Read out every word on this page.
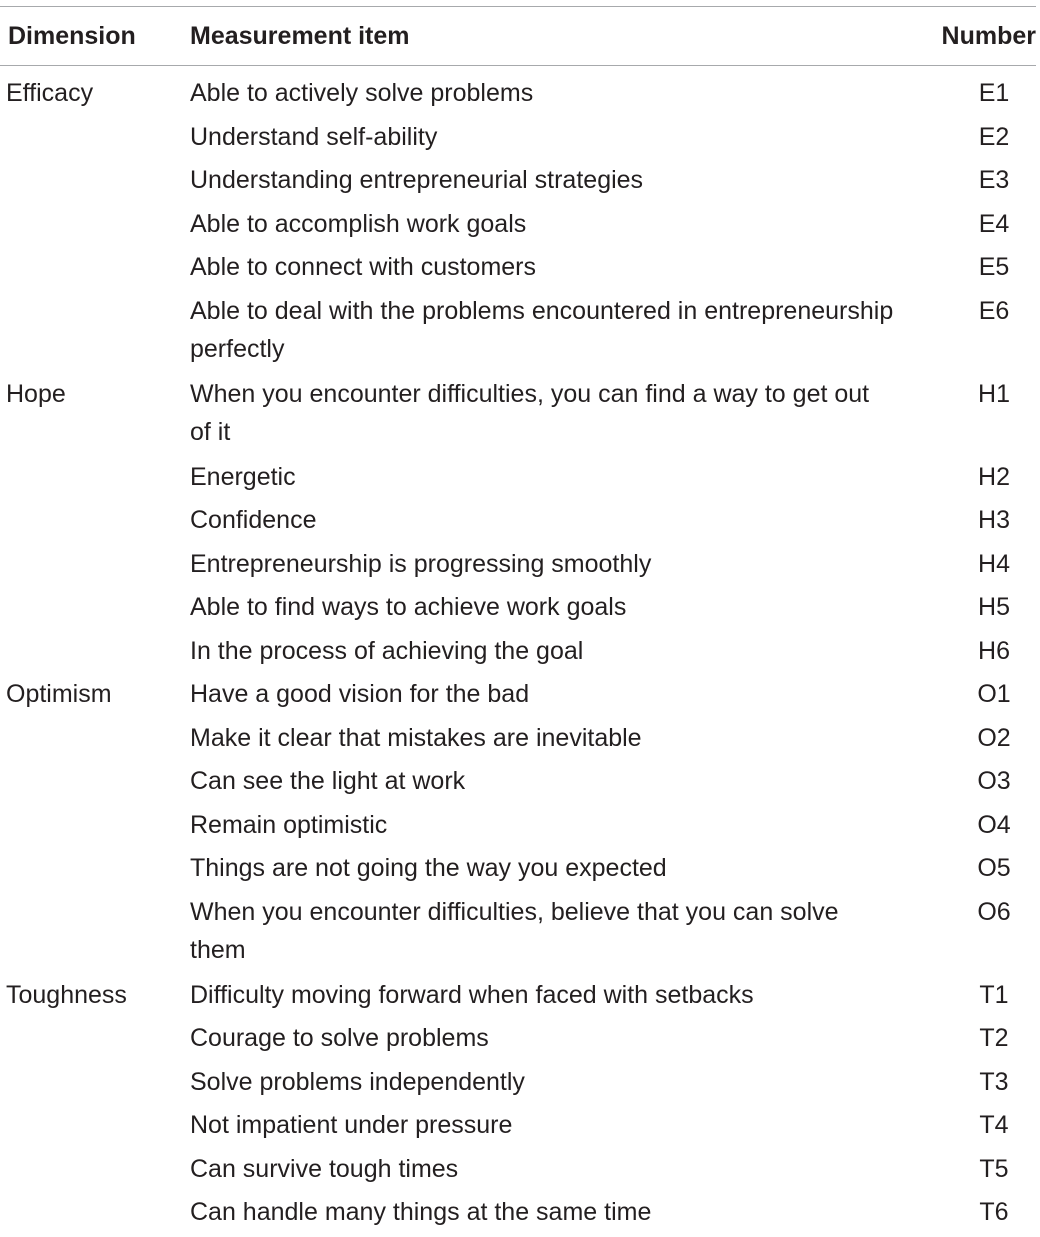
Dimension	Measurement item	Number
Efficacy	Able to actively solve problems	E1
	Understand self-ability	E2
	Understanding entrepreneurial strategies	E3
	Able to accomplish work goals	E4
	Able to connect with customers	E5
	Able to deal with the problems encountered in entrepreneurship perfectly	E6
Hope	When you encounter difficulties, you can find a way to get out of it	H1
	Energetic	H2
	Confidence	H3
	Entrepreneurship is progressing smoothly	H4
	Able to find ways to achieve work goals	H5
	In the process of achieving the goal	H6
Optimism	Have a good vision for the bad	O1
	Make it clear that mistakes are inevitable	O2
	Can see the light at work	O3
	Remain optimistic	O4
	Things are not going the way you expected	O5
	When you encounter difficulties, believe that you can solve them	O6
Toughness	Difficulty moving forward when faced with setbacks	T1
	Courage to solve problems	T2
	Solve problems independently	T3
	Not impatient under pressure	T4
	Can survive tough times	T5
	Can handle many things at the same time	T6
